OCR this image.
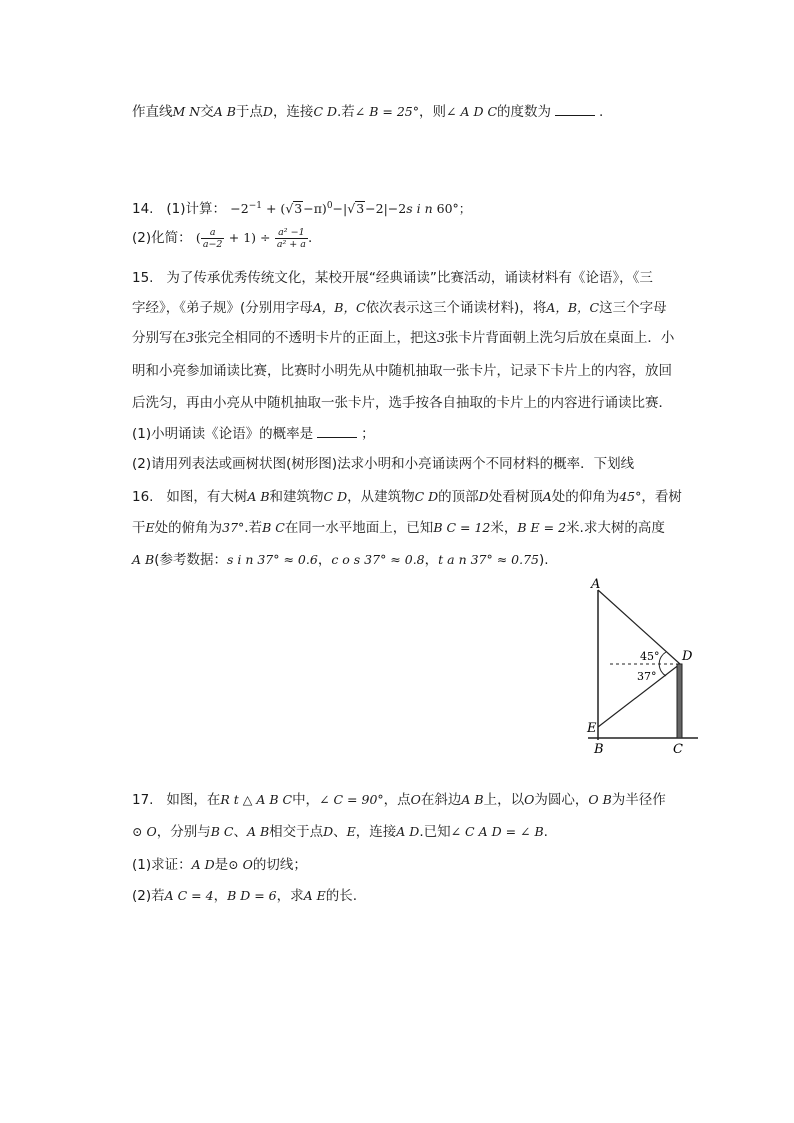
作直线M N交A B于点D，连接C D.若∠ B = 25°，则∠ A D C的度数为	.
14. (1)计算： $-2^{-1} + (√3-\pi)^0-|√3-2|-2s$ i n 60°；
(2)化简： ( $\frac{a}{a-2} + 1) \div \frac{\text{a² −1}}{\text{a² + a}}$ .
15. 为了传承优秀传统文化，某校开展“经典诵读”比赛活动，诵读材料有《论语》，《三
字经》，《弟子规》(分别用字母A，B，C依次表示这三个诵读材料)，将A，B，C这三个字母
分别写在3张完全相同的不透明卡片的正面上，把这3张卡片背面朝上洗匀后放在桌面上．小
明和小亮参加诵读比赛，比赛时小明先从中随机抽取一张卡片，记录下卡片上的内容，放回
后洗匀，再由小亮从中随机抽取一张卡片，选手按各自抽取的卡片上的内容进行诵读比赛．
(1)小明诵读《论语》的概率是	；
(2)请用列表法或画树状图(树形图)法求小明和小亮诵读两个不同材料的概率．下划线
16. 如图，有大树A B和建筑物C D，从建筑物C D的顶部D处看树顶A处的仰角为45°，看树
干E处的俯角为37°.若B C在同一水平地面上，已知B C = 12米，B E = 2米.求大树的高度
A B(参考数据：s i n 37° ≈ 0.6，c o s 37° ≈ 0.8，t a n 37° ≈ 0.75).
A
D
E
B	C
45°
37°
17. 如图，在R t △ A B C中，∠ C = 90°，点O在斜边A B上，以O为圆心，O B为半径作
⊙ O，分别与B C、A B相交于点D、E，连接A D.已知∠ C A D = ∠ B.
(1)求证：A D是⊙ O的切线；
(2)若A C = 4，B D = 6，求A E的长.
